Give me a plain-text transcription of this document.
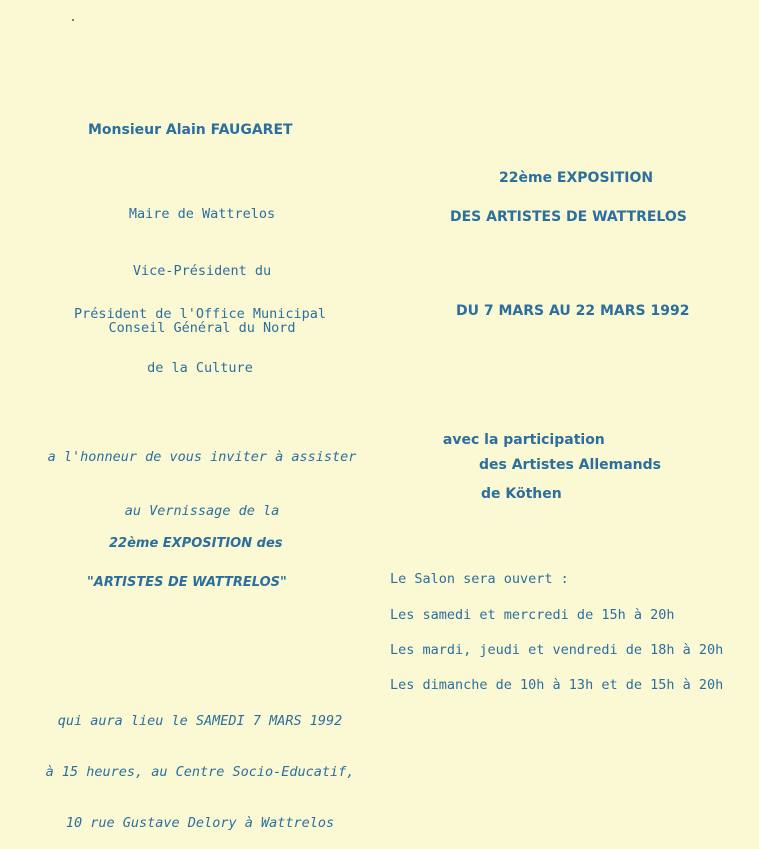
Monsieur Alain FAUGARET

Maire de Wattrelos

Vice-Président du

Conseil Général du Nord

Président de l'Office Municipal

de la Culture

a l'honneur de vous inviter à assister

au Vernissage de la

22ème EXPOSITION des
"ARTISTES DE WATTRELOS"

qui aura lieu le SAMEDI 7 MARS 1992

à 15 heures, au Centre Socio-Educatif,

10 rue Gustave Delory à Wattrelos

22ème EXPOSITION
DES ARTISTES DE WATTRELOS
DU 7 MARS AU 22 MARS 1992

avec la participation

des Artistes Allemands
de Köthen
Le Salon sera ouvert :
Les samedi et mercredi de 15h à 20h
Les mardi, jeudi et vendredi de 18h à 20h
Les dimanche de 10h à 13h et de 15h à 20h
